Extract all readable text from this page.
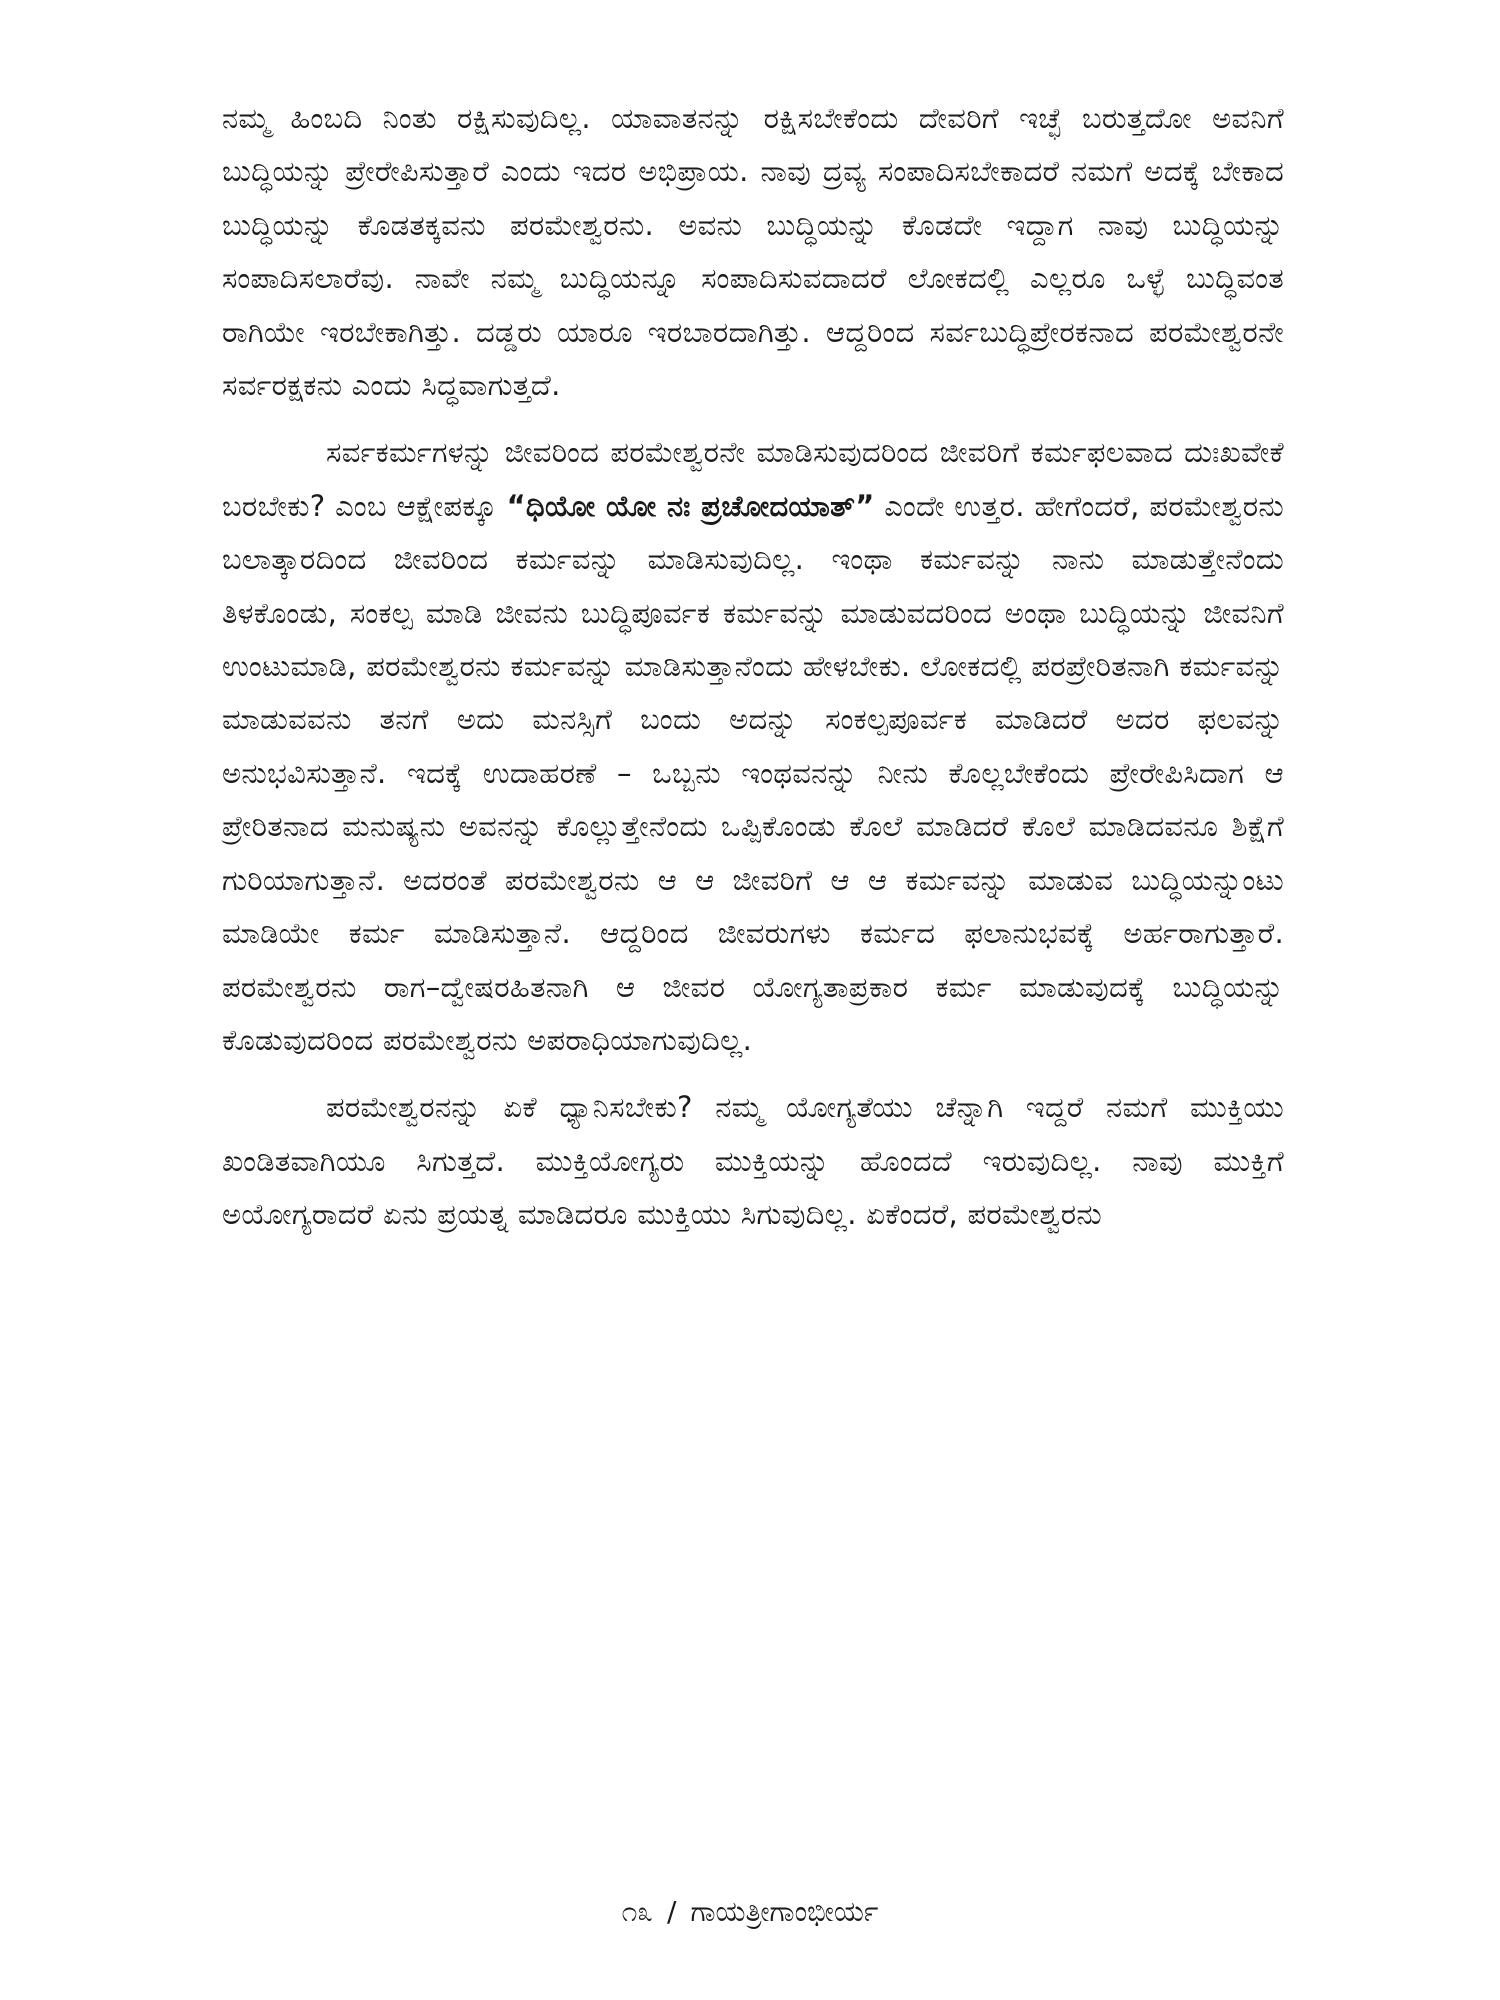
ನಮ್ಮ ಹಿಂಬದಿ ನಿಂತು ರಕ್ಷಿಸುವುದಿಲ್ಲ. ಯಾವಾತನನ್ನು ರಕ್ಷಿಸಬೇಕೆಂದು ದೇವರಿಗೆ ಇಚ್ಛೆ ಬರುತ್ತದೋ ಅವನಿಗೆ ಬುದ್ಧಿಯನ್ನು ಪ್ರೇರೇಪಿಸುತ್ತಾರೆ ಎಂದು ಇದರ ಅಭಿಪ್ರಾಯ. ನಾವು ದ್ರವ್ಯ ಸಂಪಾದಿಸಬೇಕಾದರೆ ನಮಗೆ ಅದಕ್ಕೆ ಬೇಕಾದ ಬುದ್ಧಿಯನ್ನು ಕೊಡತಕ್ಕವನು ಪರಮೇಶ್ವರನು. ಅವನು ಬುದ್ಧಿಯನ್ನು ಕೊಡದೇ ಇದ್ದಾಗ ನಾವು ಬುದ್ಧಿಯನ್ನು ಸಂಪಾದಿಸಲಾರೆವು. ನಾವೇ ನಮ್ಮ ಬುದ್ಧಿಯನ್ನೂ ಸಂಪಾದಿಸುವದಾದರೆ ಲೋಕದಲ್ಲಿ ಎಲ್ಲರೂ ಒಳ್ಳೆ ಬುದ್ಧಿವಂತ ರಾಗಿಯೇ ಇರಬೇಕಾಗಿತ್ತು. ದಡ್ಡರು ಯಾರೂ ಇರಬಾರದಾಗಿತ್ತು. ಆದ್ದರಿಂದ ಸರ್ವಬುದ್ಧಿಪ್ರೇರಕನಾದ ಪರಮೇಶ್ವರನೇ ಸರ್ವರಕ್ಷಕನು ಎಂದು ಸಿದ್ಧವಾಗುತ್ತದೆ.

ಸರ್ವಕರ್ಮಗಳನ್ನು ಜೀವರಿಂದ ಪರಮೇಶ್ವರನೇ ಮಾಡಿಸುವುದರಿಂದ ಜೀವರಿಗೆ ಕರ್ಮಫಲವಾದ ದುಃಖವೇಕೆ ಬರಬೇಕು? ಎಂಬ ಆಕ್ಷೇಪಕ್ಕೂ “ಧಿಯೋ ಯೋ ನಃ ಪ್ರಚೋದಯಾತ್” ಎಂದೇ ಉತ್ತರ. ಹೇಗೆಂದರೆ, ಪರಮೇಶ್ವರನು ಬಲಾತ್ಕಾರದಿಂದ ಜೀವರಿಂದ ಕರ್ಮವನ್ನು ಮಾಡಿಸುವುದಿಲ್ಲ. ಇಂಥಾ ಕರ್ಮವನ್ನು ನಾನು ಮಾಡುತ್ತೇನೆಂದು ತಿಳಕೊಂಡು, ಸಂಕಲ್ಪ ಮಾಡಿ ಜೀವನು ಬುದ್ಧಿಪೂರ್ವಕ ಕರ್ಮವನ್ನು ಮಾಡುವದರಿಂದ ಅಂಥಾ ಬುದ್ಧಿಯನ್ನು ಜೀವನಿಗೆ ಉಂಟುಮಾಡಿ, ಪರಮೇಶ್ವರನು ಕರ್ಮವನ್ನು ಮಾಡಿಸುತ್ತಾನೆಂದು ಹೇಳಬೇಕು. ಲೋಕದಲ್ಲಿ ಪರಪ್ರೇರಿತನಾಗಿ ಕರ್ಮವನ್ನು ಮಾಡುವವನು ತನಗೆ ಅದು ಮನಸ್ಸಿಗೆ ಬಂದು ಅದನ್ನು ಸಂಕಲ್ಪಪೂರ್ವಕ ಮಾಡಿದರೆ ಅದರ ಫಲವನ್ನು ಅನುಭವಿಸುತ್ತಾನೆ. ಇದಕ್ಕೆ ಉದಾಹರಣೆ – ಒಬ್ಬನು ಇಂಥವನನ್ನು ನೀನು ಕೊಲ್ಲಬೇಕೆಂದು ಪ್ರೇರೇಪಿಸಿದಾಗ ಆ ಪ್ರೇರಿತನಾದ ಮನುಷ್ಯನು ಅವನನ್ನು ಕೊಲ್ಲುತ್ತೇನೆಂದು ಒಪ್ಪಿಕೊಂಡು ಕೊಲೆ ಮಾಡಿದರೆ ಕೊಲೆ ಮಾಡಿದವನೂ ಶಿಕ್ಷೆಗೆ ಗುರಿಯಾಗುತ್ತಾನೆ. ಅದರಂತೆ ಪರಮೇಶ್ವರನು ಆ ಆ ಜೀವರಿಗೆ ಆ ಆ ಕರ್ಮವನ್ನು ಮಾಡುವ ಬುದ್ಧಿಯನ್ನುಂಟು ಮಾಡಿಯೇ ಕರ್ಮ ಮಾಡಿಸುತ್ತಾನೆ. ಆದ್ದರಿಂದ ಜೀವರುಗಳು ಕರ್ಮದ ಫಲಾನುಭವಕ್ಕೆ ಅರ್ಹರಾಗುತ್ತಾರೆ. ಪರಮೇಶ್ವರನು ರಾಗ–ದ್ವೇಷರಹಿತನಾಗಿ ಆ ಜೀವರ ಯೋಗ್ಯತಾಪ್ರಕಾರ ಕರ್ಮ ಮಾಡುವುದಕ್ಕೆ ಬುದ್ಧಿಯನ್ನು ಕೊಡುವುದರಿಂದ ಪರಮೇಶ್ವರನು ಅಪರಾಧಿಯಾಗುವುದಿಲ್ಲ.

ಪರಮೇಶ್ವರನನ್ನು ಏಕೆ ಧ್ಯಾನಿಸಬೇಕು? ನಮ್ಮ ಯೋಗ್ಯತೆಯು ಚೆನ್ನಾಗಿ ಇದ್ದರೆ ನಮಗೆ ಮುಕ್ತಿಯು ಖಂಡಿತವಾಗಿಯೂ ಸಿಗುತ್ತದೆ. ಮುಕ್ತಿಯೋಗ್ಯರು ಮುಕ್ತಿಯನ್ನು ಹೊಂದದೆ ಇರುವುದಿಲ್ಲ. ನಾವು ಮುಕ್ತಿಗೆ ಅಯೋಗ್ಯರಾದರೆ ಏನು ಪ್ರಯತ್ನ ಮಾಡಿದರೂ ಮುಕ್ತಿಯು ಸಿಗುವುದಿಲ್ಲ. ಏಕೆಂದರೆ, ಪರಮೇಶ್ವರನು

೧೩ / ಗಾಯತ್ರೀಗಾಂಭೀರ್ಯ
